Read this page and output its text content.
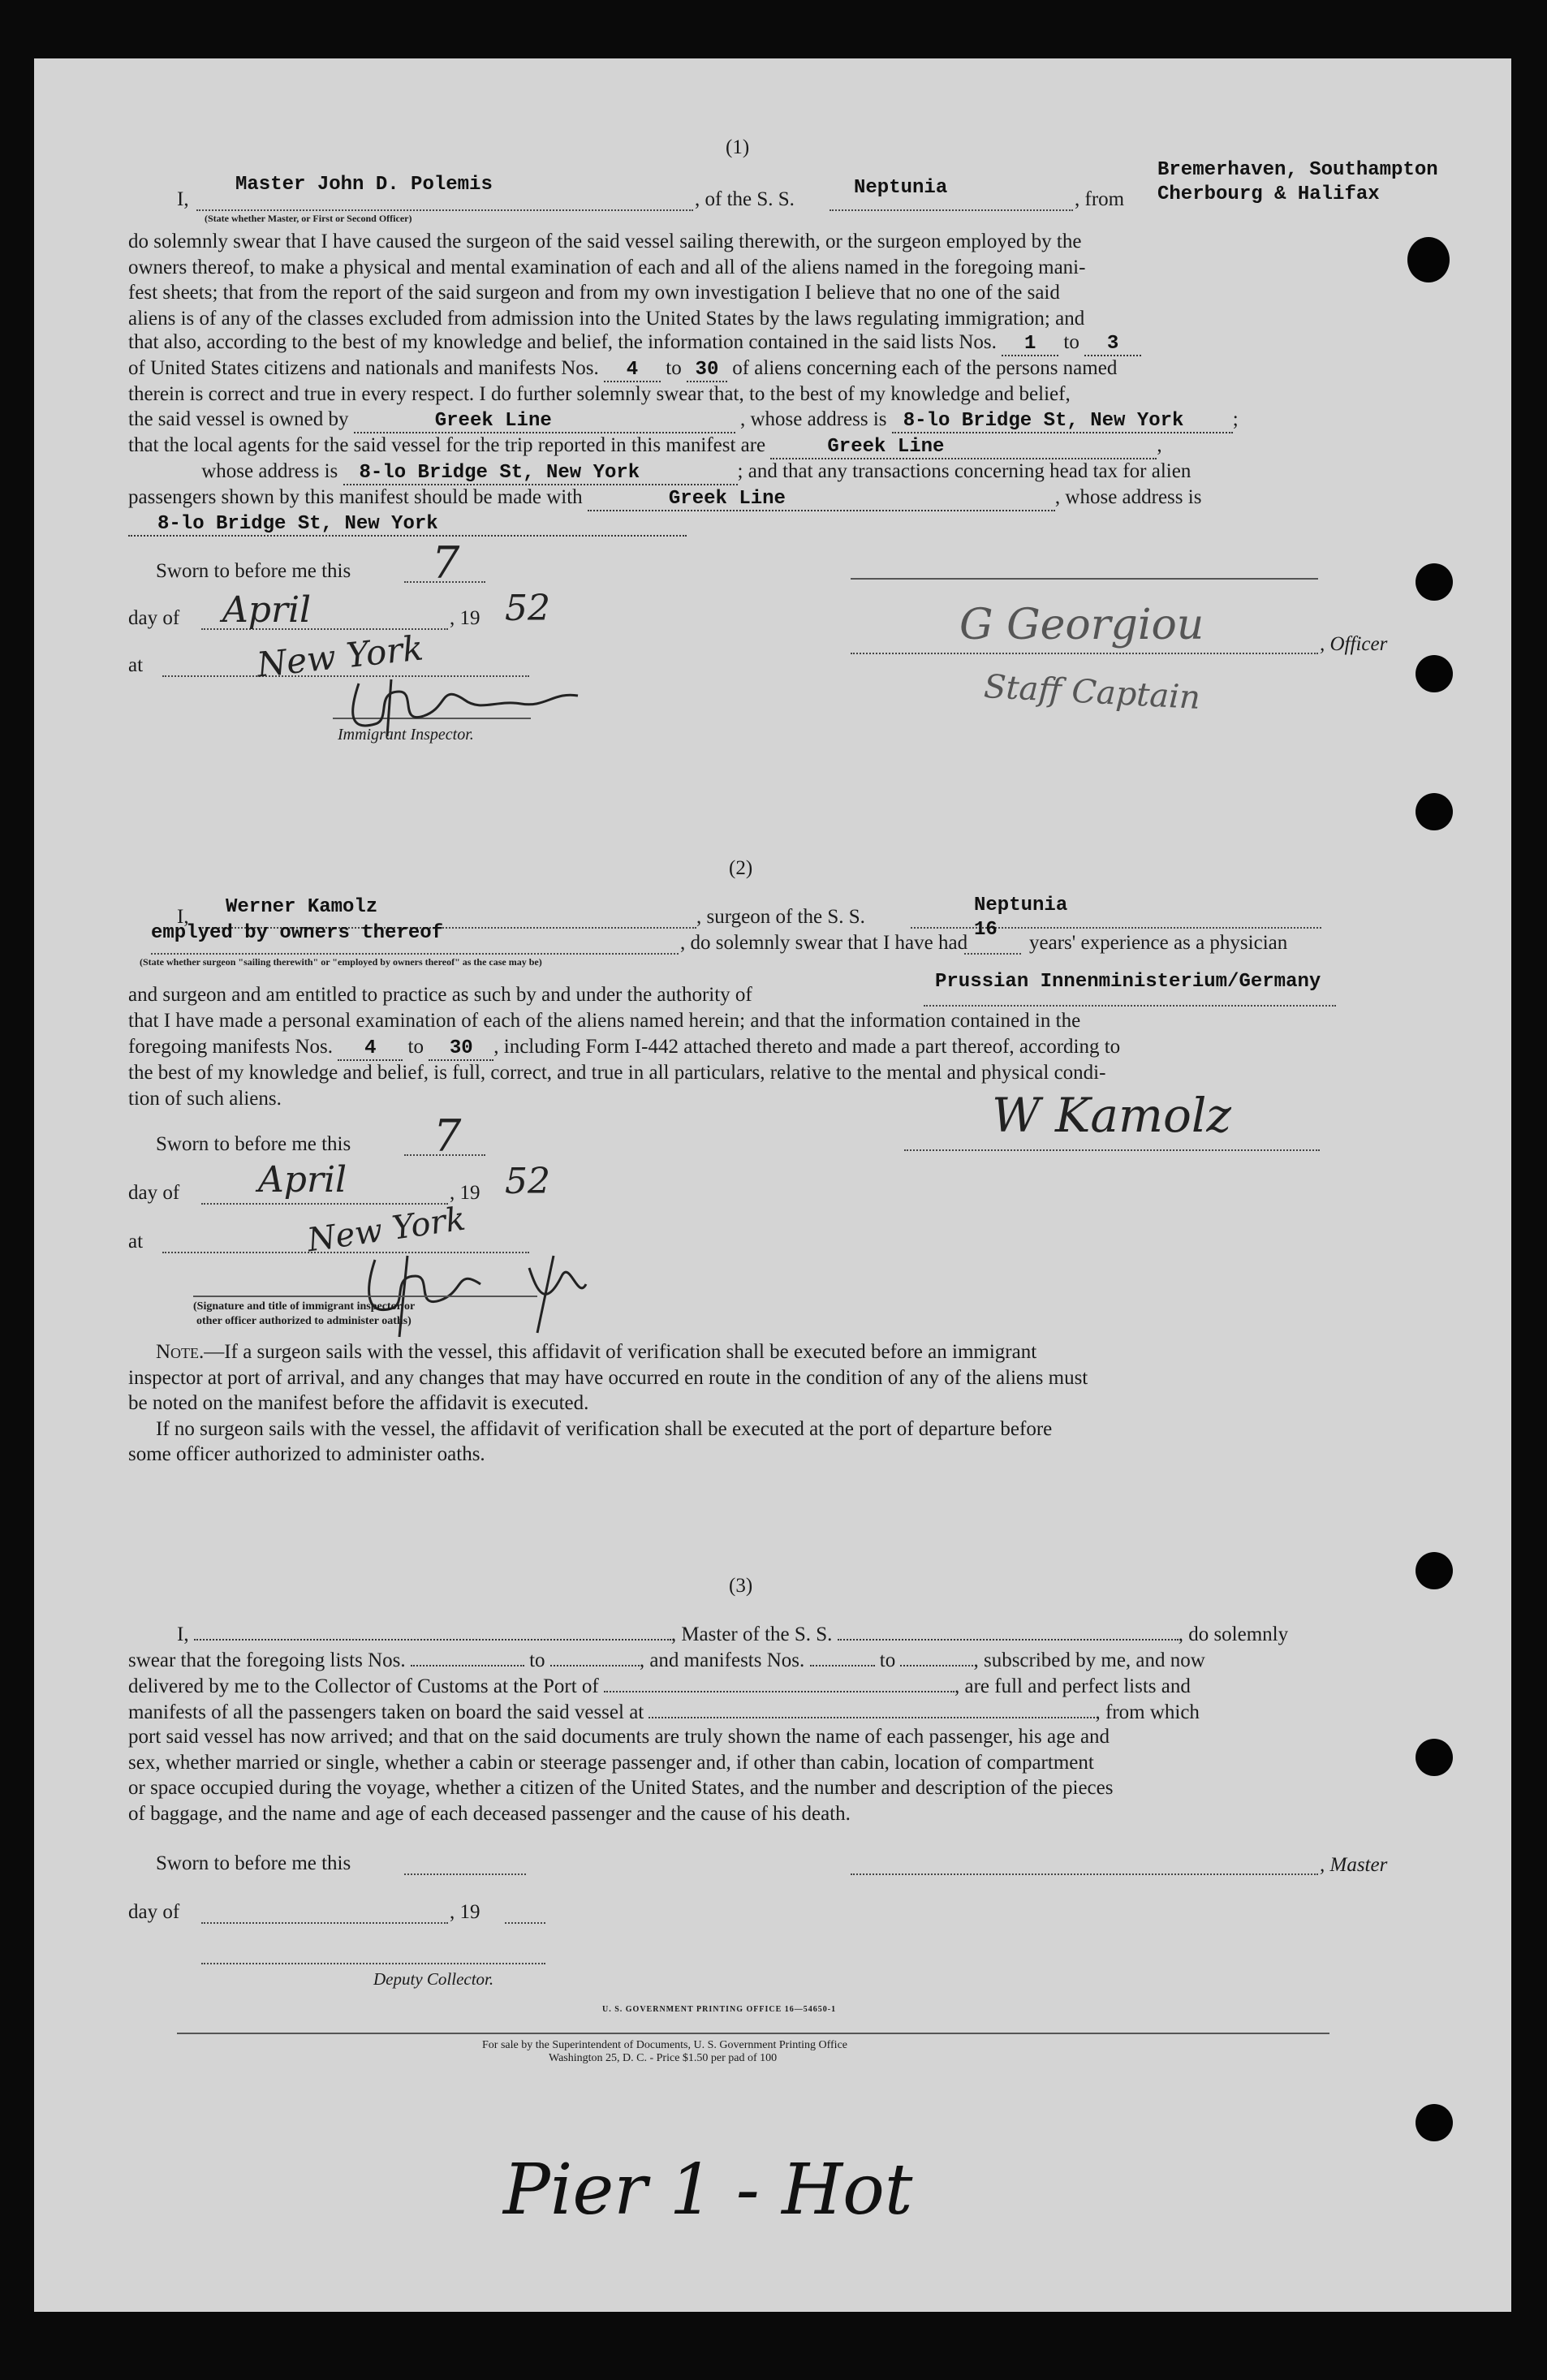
(1)
Bremerhaven, Southampton
I,
Master John D. Polemis
, of the S. S.
Neptunia
, from Cherbourg & Halifax
(State whether Master, or First or Second Officer)
do solemnly swear that I have caused the surgeon of the said vessel sailing therewith, or the surgeon employed by the
owners thereof, to make a physical and mental examination of each and all of the aliens named in the foregoing mani-
fest sheets; that from the report of the said surgeon and from my own investigation I believe that no one of the said
aliens is of any of the classes excluded from admission into the United States by the laws regulating immigration; and
that also, according to the best of my knowledge and belief, the information contained in the said lists Nos. 1 to 3
of United States citizens and nationals and manifests Nos. 4 to 30 of aliens concerning each of the persons named
therein is correct and true in every respect. I do further solemnly swear that, to the best of my knowledge and belief,
the said vessel is owned by	Greek Line	, whose address is 8-lo Bridge St, New York ;
that the local agents for the said vessel for the trip reported in this manifest are	Greek Line	,
whose address is 8-lo Bridge St, New York	; and that any transactions concerning head tax for alien
passengers shown by this manifest should be made with	Greek Line	, whose address is
8-lo Bridge St, New York
Sworn to before me this 7
day of April	, 19 52
at	New York
Immigrant Inspector.
G Georgiou	, Officer
Staff Captain
(2)
I, Werner Kamolz	, surgeon of the S. S.
Neptunia
emplyed by owners thereof	, do solemnly swear that I have had
16
years' experience as a physician
(State whether surgeon "sailing therewith" or "employed by owners thereof" as the case may be)
and surgeon and am entitled to practice as such by and under the authority of
Prussian Innenministerium/Germany
that I have made a personal examination of each of the aliens named herein; and that the information contained in the
foregoing manifests Nos. 4 to 30 , including Form I-442 attached thereto and made a part thereof, according to
the best of my knowledge and belief, is full, correct, and true in all particulars, relative to the mental and physical condi-
tion of such aliens.	W Kamolz
Sworn to before me this 7
day of April	, 19 52
at	New York
(Signature and title of immigrant inspector or
other officer authorized to administer oaths)
Note.—If a surgeon sails with the vessel, this affidavit of verification shall be executed before an immigrant
inspector at port of arrival, and any changes that may have occurred en route in the condition of any of the aliens must
be noted on the manifest before the affidavit is executed.
If no surgeon sails with the vessel, the affidavit of verification shall be executed at the port of departure before
some officer authorized to administer oaths.
(3)
I,	, Master of the S. S.	, do solemnly
swear that the foregoing lists Nos.	to	, and manifests Nos.	to	, subscribed by me, and now
delivered by me to the Collector of Customs at the Port of	, are full and perfect lists and
manifests of all the passengers taken on board the said vessel at	, from which
port said vessel has now arrived; and that on the said documents are truly shown the name of each passenger, his age and
sex, whether married or single, whether a cabin or steerage passenger and, if other than cabin, location of compartment
or space occupied during the voyage, whether a citizen of the United States, and the number and description of the pieces
of baggage, and the name and age of each deceased passenger and the cause of his death.
Sworn to before me this	, Master
day of	, 19
Deputy Collector.
U. S. GOVERNMENT PRINTING OFFICE 16—54650-1
For sale by the Superintendent of Documents, U. S. Government Printing Office
Washington 25, D. C. - Price $1.50 per pad of 100
Pier 1 - Hot
